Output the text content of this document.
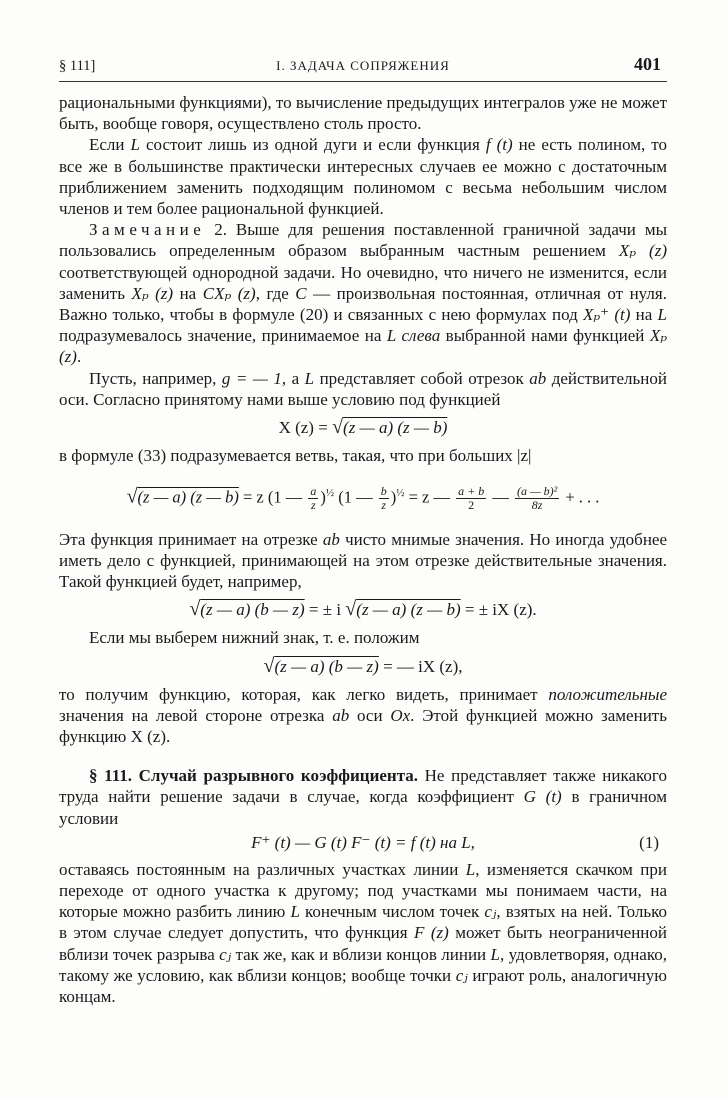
§ 111]	I. ЗАДАЧА СОПРЯЖЕНИЯ	401

рациональными функциями), то вычисление предыдущих интегралов уже не может быть, вообще говоря, осуществлено столь просто.

Если L состоит лишь из одной дуги и если функция f (t) не есть полином, то все же в большинстве практически интересных случаев ее можно с достаточным приближением заменить подходящим полиномом с весьма небольшим числом членов и тем более рациональной функцией.

Замечание 2. Выше для решения поставленной граничной задачи мы пользовались определенным образом выбранным частным решением Xₚ (z) соответствующей однородной задачи. Но очевидно, что ничего не изменится, если заменить Xₚ (z) на CXₚ (z), где C — произвольная постоянная, отличная от нуля. Важно только, чтобы в формуле (20) и связанных с нею формулах под Xₚ⁺ (t) на L подразумевалось значение, принимаемое на L слева выбранной нами функцией Xₚ (z).

Пусть, например, g = — 1, а L представляет собой отрезок ab действительной оси. Согласно принятому нами выше условию под функцией

X (z) = √(z — a) (z — b)

в формуле (33) подразумевается ветвь, такая, что при больших |z|

√(z — a) (z — b) = z (1 — $\frac{a}{z} )^{\frac{1}{2}}$ (1 — $\frac{b}{z} )^{\frac{1}{2}} = z$ — $\frac{a + b}{2}$ — $\frac{\text{(a — b)²}}{8z}$ + . . .

Эта функция принимает на отрезке ab чисто мнимые значения. Но иногда удобнее иметь дело с функцией, принимающей на этом отрезке действительные значения. Такой функцией будет, например,

√(z — a) (b — z) = ± i √(z — a) (z — b) = ± iX (z).

Если мы выберем нижний знак, т. е. положим

√(z — a) (b — z) = — iX (z),

то получим функцию, которая, как легко видеть, принимает положительные значения на левой стороне отрезка ab оси Ox. Этой функцией можно заменить функцию X (z).

§ 111. Случай разрывного коэффициента. Не представляет также никакого труда найти решение задачи в случае, когда коэффициент G (t) в граничном условии

F⁺ (t) — G (t) F⁻ (t) = f (t) на L,	(1)

оставаясь постоянным на различных участках линии L, изменяется скачком при переходе от одного участка к другому; под участками мы понимаем части, на которые можно разбить линию L конечным числом точек cⱼ, взятых на ней. Только в этом случае следует допустить, что функция F (z) может быть неограниченной вблизи точек разрыва cⱼ так же, как и вблизи концов линии L, удовлетворяя, однако, такому же условию, как вблизи концов; вообще точки cⱼ играют роль, аналогичную концам.
